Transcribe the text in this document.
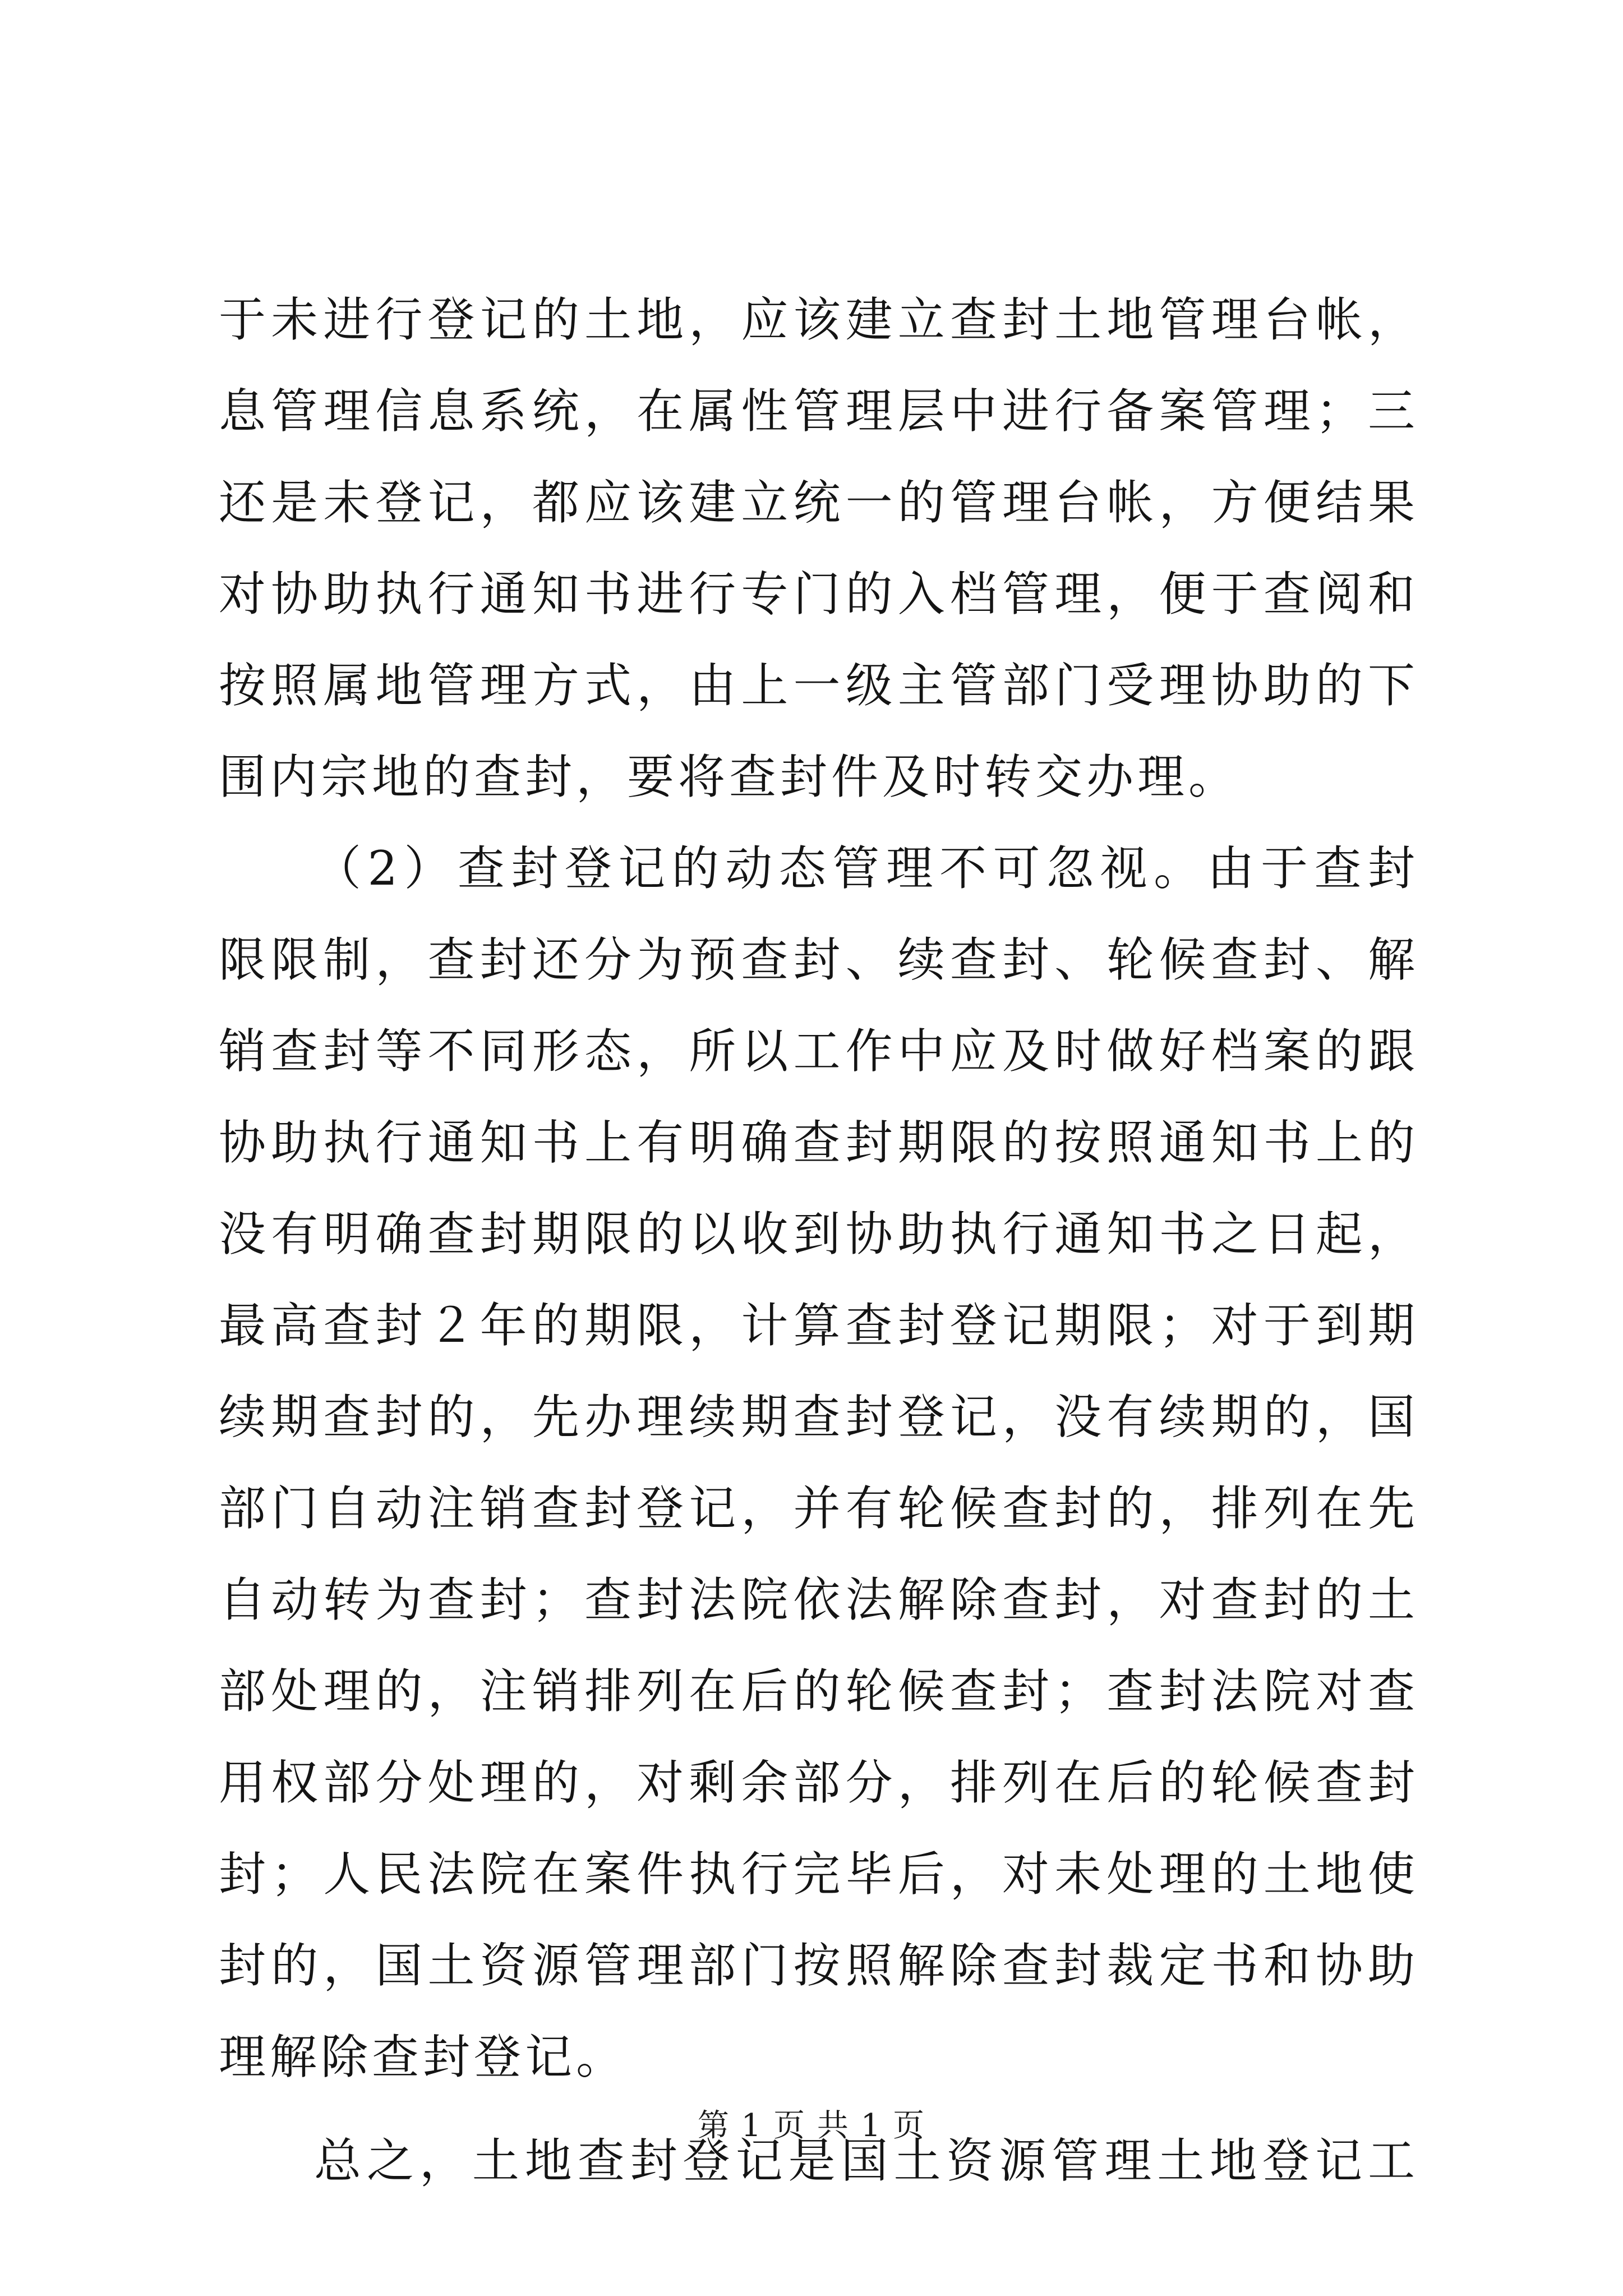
于未进行登记的土地，应该建立查封土地管理台帐，
息管理信息系统，在属性管理层中进行备案管理；三
还是未登记，都应该建立统一的管理台帐，方便结果
对协助执行通知书进行专门的入档管理，便于查阅和
按照属地管理方式，由上一级主管部门受理协助的下
围内宗地的查封，要将查封件及时转交办理。
（2）查封登记的动态管理不可忽视。由于查封
限限制，查封还分为预查封、续查封、轮候查封、解
销查封等不同形态，所以工作中应及时做好档案的跟
协助执行通知书上有明确查封期限的按照通知书上的
没有明确查封期限的以收到协助执行通知书之日起，
最高查封２年的期限，计算查封登记期限；对于到期
续期查封的，先办理续期查封登记，没有续期的，国
部门自动注销查封登记，并有轮候查封的，排列在先
自动转为查封；查封法院依法解除查封，对查封的土
部处理的，注销排列在后的轮候查封；查封法院对查
用权部分处理的，对剩余部分，排列在后的轮候查封
封；人民法院在案件执行完毕后，对未处理的土地使
封的，国土资源管理部门按照解除查封裁定书和协助
理解除查封登记。
总之，土地查封登记是国土资源管理土地登记工
第 1 页 共 1 页
